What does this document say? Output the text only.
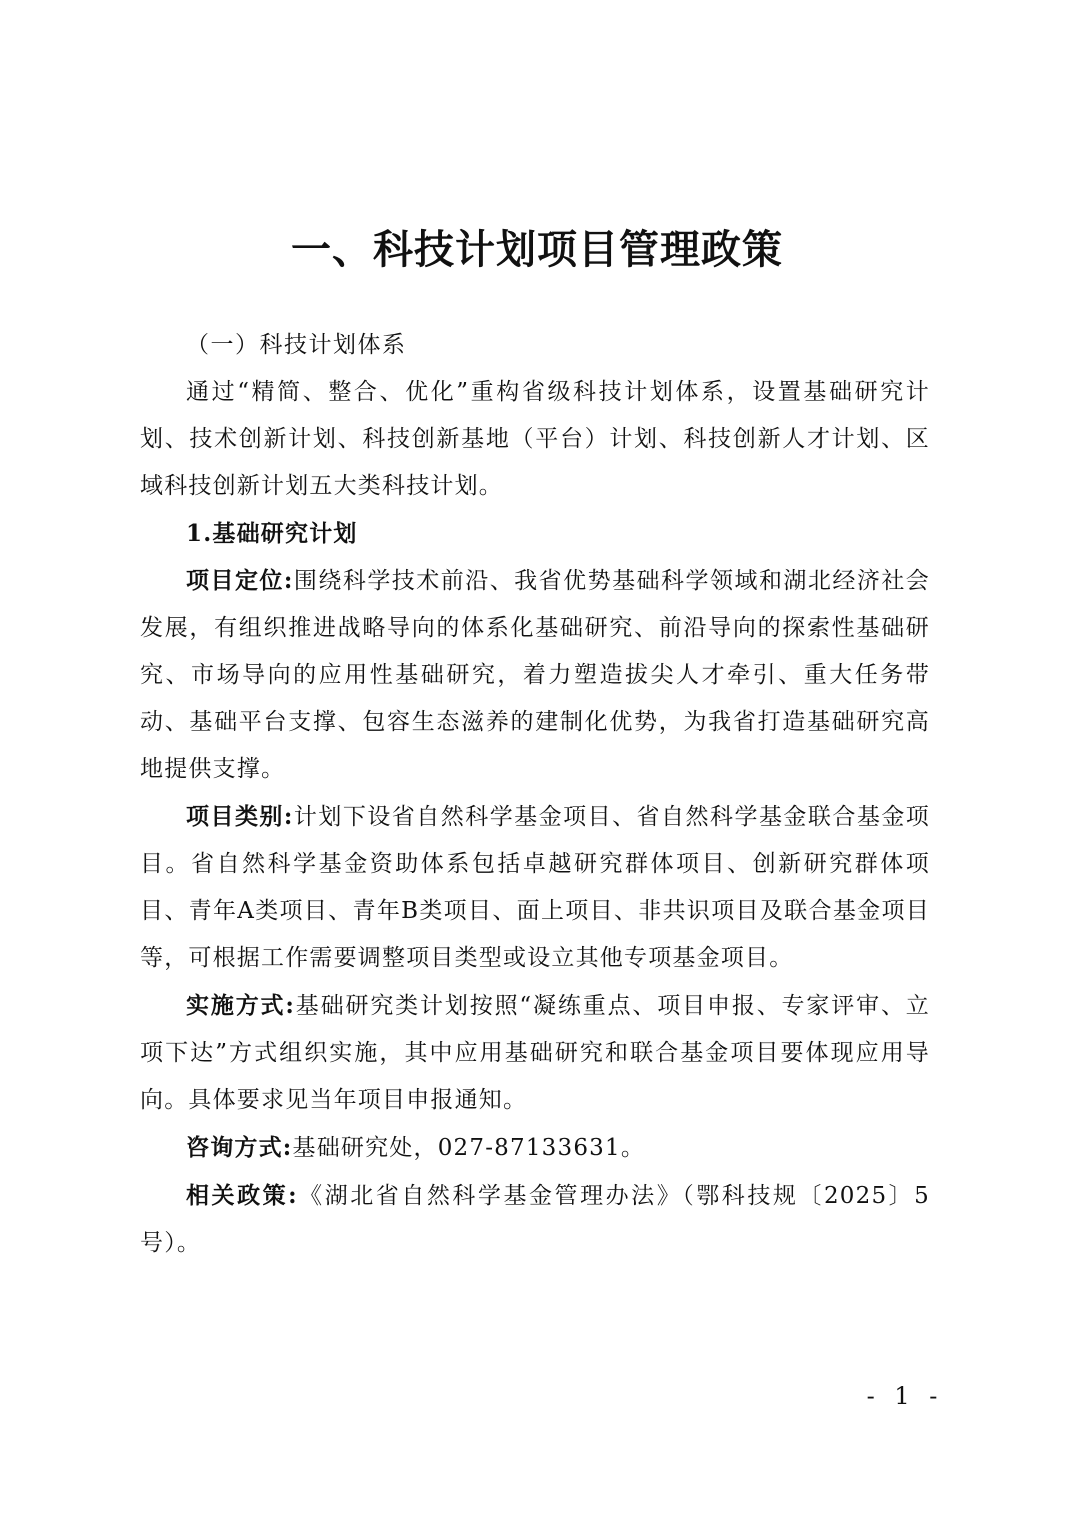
一、科技计划项目管理政策

（一）科技计划体系

通过“精简、整合、优化”重构省级科技计划体系，设置基础研究计划、技术创新计划、科技创新基地（平台）计划、科技创新人才计划、区域科技创新计划五大类科技计划。

1.基础研究计划

项目定位:围绕科学技术前沿、我省优势基础科学领域和湖北经济社会发展，有组织推进战略导向的体系化基础研究、前沿导向的探索性基础研究、市场导向的应用性基础研究，着力塑造拔尖人才牵引、重大任务带动、基础平台支撑、包容生态滋养的建制化优势，为我省打造基础研究高地提供支撑。

项目类别:计划下设省自然科学基金项目、省自然科学基金联合基金项目。省自然科学基金资助体系包括卓越研究群体项目、创新研究群体项目、青年A类项目、青年B类项目、面上项目、非共识项目及联合基金项目等，可根据工作需要调整项目类型或设立其他专项基金项目。

实施方式:基础研究类计划按照“凝练重点、项目申报、专家评审、立项下达”方式组织实施，其中应用基础研究和联合基金项目要体现应用导向。具体要求见当年项目申报通知。

咨询方式:基础研究处，027-87133631。

相关政策:《湖北省自然科学基金管理办法》（鄂科技规〔2025〕5号）。

- 1 -
